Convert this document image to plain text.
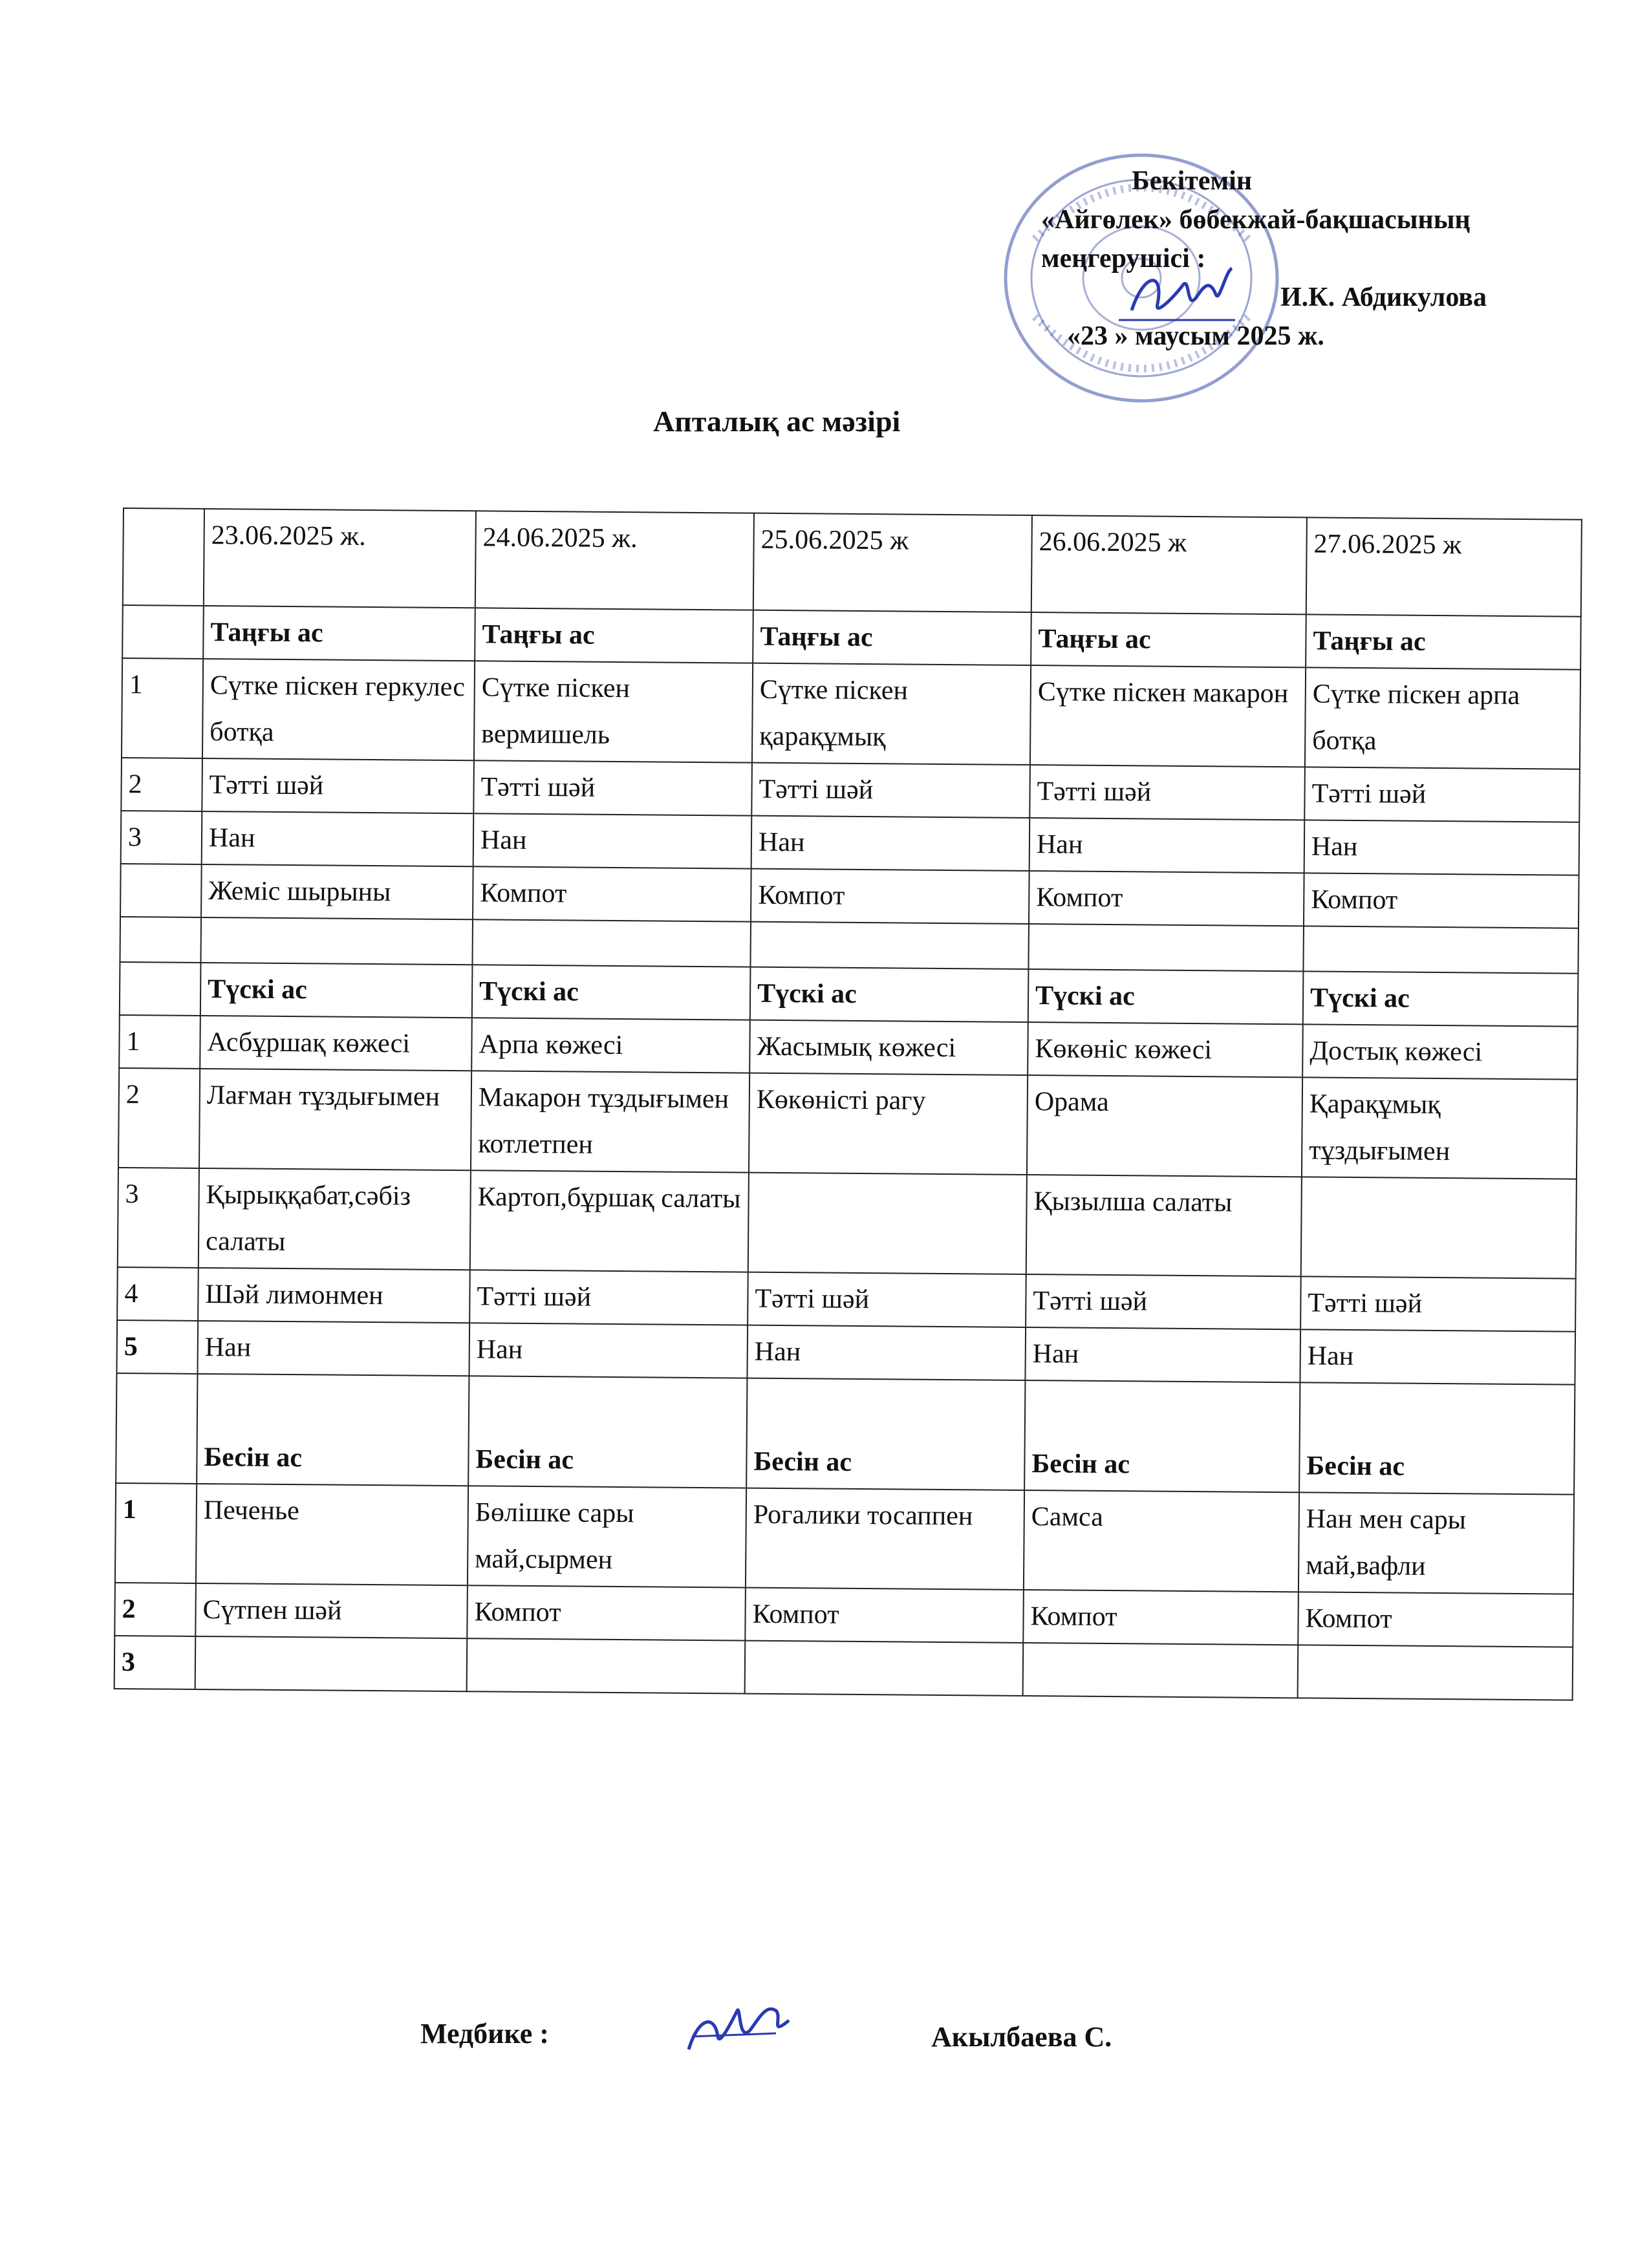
Бекітемін
«Айгөлек» бөбекжай-бақшасының
меңгерушісі :
И.К. Абдикулова
«23 » маусым 2025 ж.
Апталық ас мәзірі
	23.06.2025 ж.	24.06.2025 ж.	25.06.2025 ж	26.06.2025 ж	27.06.2025 ж
	Таңғы ас	Таңғы ас	Таңғы ас	Таңғы ас	Таңғы ас
1	Сүтке піскен геркулес ботқа	Сүтке піскен вермишель	Сүтке піскен қарақұмық	Сүтке піскен макарон	Сүтке піскен арпа ботқа
2	Тәтті шәй	Тәтті шәй	Тәтті шәй	Тәтті шәй	Тәтті шәй
3	Нан	Нан	Нан	Нан	Нан
	Жеміс шырыны	Компот	Компот	Компот	Компот

	Түскі ас	Түскі ас	Түскі ас	Түскі ас	Түскі ас
1	Асбұршақ көжесі	Арпа көжесі	Жасымық көжесі	Көкөніс көжесі	Достық көжесі
2	Лағман тұздығымен	Макарон тұздығымен котлетпен	Көкөністі рагу	Орама	Қарақұмық тұздығымен
3	Қырыққабат,сәбіз салаты	Картоп,бұршақ салаты		Қызылша салаты	
4	Шәй лимонмен	Тәтті шәй	Тәтті шәй	Тәтті шәй	Тәтті шәй
5	Нан	Нан	Нан	Нан	Нан
	Бесін ас	Бесін ас	Бесін ас	Бесін ас	Бесін ас
1	Печенье	Бөлішке сары май,сырмен	Рогалики тосаппен	Самса	Нан мен сары май,вафли
2	Сүтпен шәй	Компот	Компот	Компот	Компот
3					
Медбике :	Акылбаева С.
